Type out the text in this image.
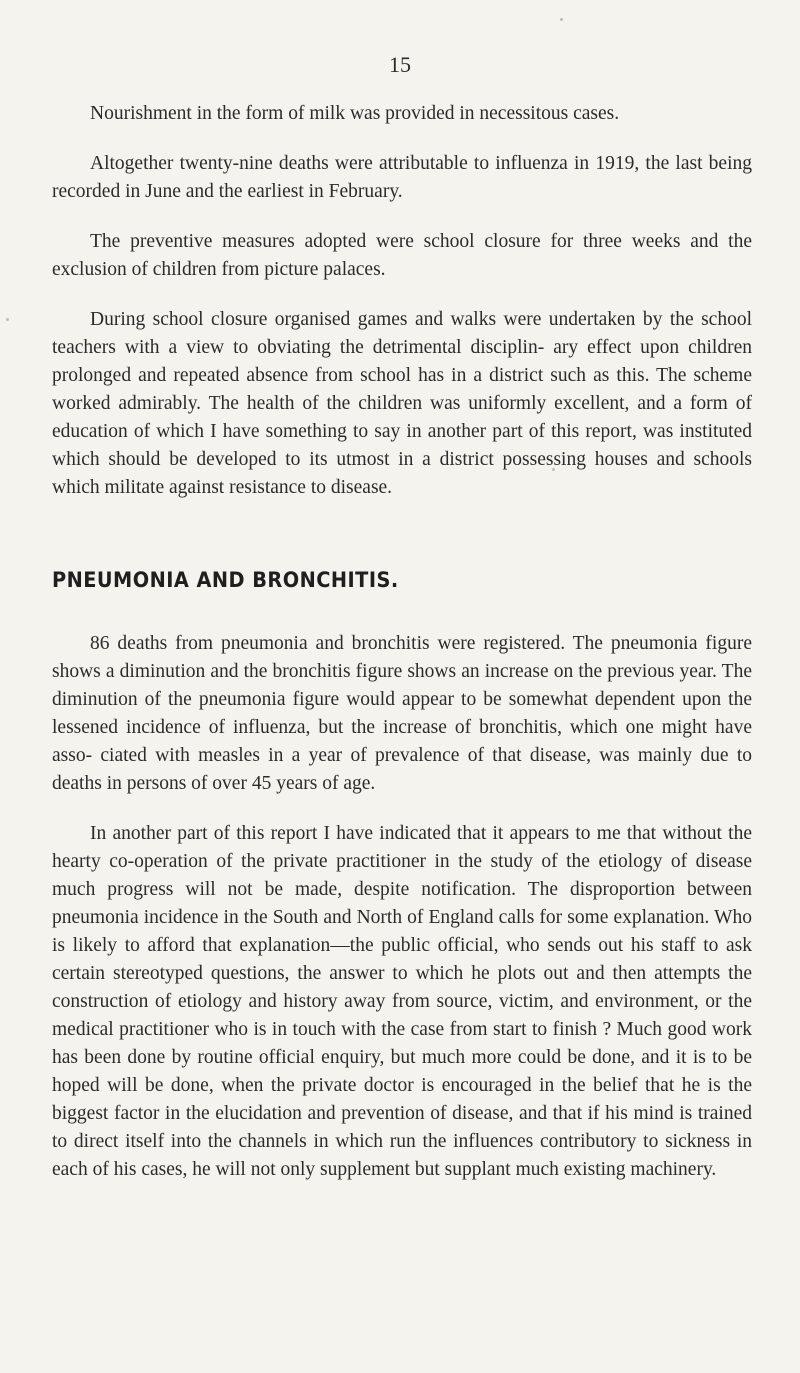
15

Nourishment in the form of milk was provided in necessitous cases.

Altogether twenty-nine deaths were attributable to influenza in 1919, the last being recorded in June and the earliest in February.

The preventive measures adopted were school closure for three weeks and the exclusion of children from picture palaces.

During school closure organised games and walks were undertaken by the school teachers with a view to obviating the detrimental disciplin- ary effect upon children prolonged and repeated absence from school has in a district such as this. The scheme worked admirably. The health of the children was uniformly excellent, and a form of education of which I have something to say in another part of this report, was instituted which should be developed to its utmost in a district possessing houses and schools which militate against resistance to disease.

PNEUMONIA AND BRONCHITIS.

86 deaths from pneumonia and bronchitis were registered. The pneumonia figure shows a diminution and the bronchitis figure shows an increase on the previous year. The diminution of the pneumonia figure would appear to be somewhat dependent upon the lessened incidence of influenza, but the increase of bronchitis, which one might have asso- ciated with measles in a year of prevalence of that disease, was mainly due to deaths in persons of over 45 years of age.

In another part of this report I have indicated that it appears to me that without the hearty co-operation of the private practitioner in the study of the etiology of disease much progress will not be made, despite notification. The disproportion between pneumonia incidence in the South and North of England calls for some explanation. Who is likely to afford that explanation—the public official, who sends out his staff to ask certain stereotyped questions, the answer to which he plots out and then attempts the construction of etiology and history away from source, victim, and environment, or the medical practitioner who is in touch with the case from start to finish ? Much good work has been done by routine official enquiry, but much more could be done, and it is to be hoped will be done, when the private doctor is encouraged in the belief that he is the biggest factor in the elucidation and prevention of disease, and that if his mind is trained to direct itself into the channels in which run the influences contributory to sickness in each of his cases, he will not only supplement but supplant much existing machinery.
